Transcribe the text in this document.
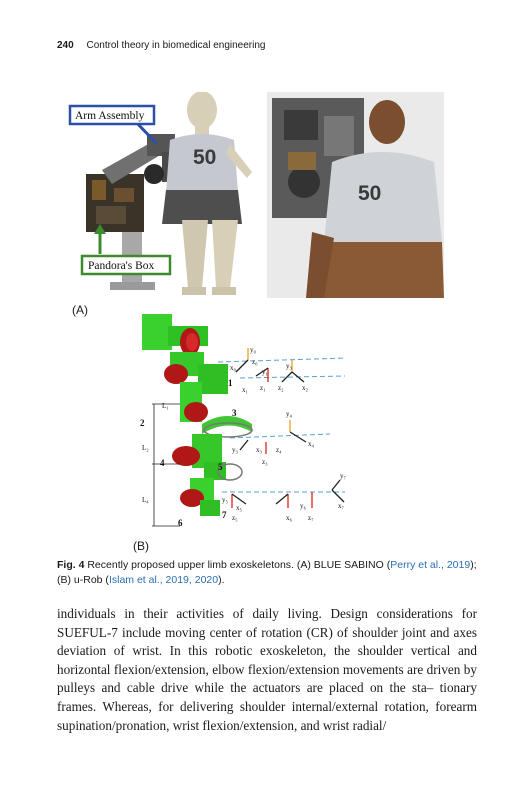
240 Control theory in biomedical engineering
50
50
Arm Assembly
Pandora's Box
(A)
y₀
x₀
z₀
y₁
x₁ z₁ z₂	x₂
y₃
y₄
x₄
z₄
y₃	x₃
z₃
x₅
z₅
y₅
y₆
x₆ z₇
y₇
x₇
L₁
L₂
L₄
1
2
3
4	5
6
7
(B)
Fig. 4 Recently proposed upper limb exoskeletons. (A) BLUE SABINO (Perry et al., 2019);
(B) u-Rob (Islam et al., 2019, 2020).

individuals in their activities of daily living. Design considerations for SUEFUL-7 include moving center of rotation (CR) of shoulder joint and axes deviation of wrist. In this robotic exoskeleton, the shoulder vertical and horizontal flexion/extension, elbow flexion/extension movements are driven by pulleys and cable drive while the actuators are placed on the sta– tionary frames. Whereas, for delivering shoulder internal/external rotation, forearm supination/pronation, wrist flexion/extension, and wrist radial/
